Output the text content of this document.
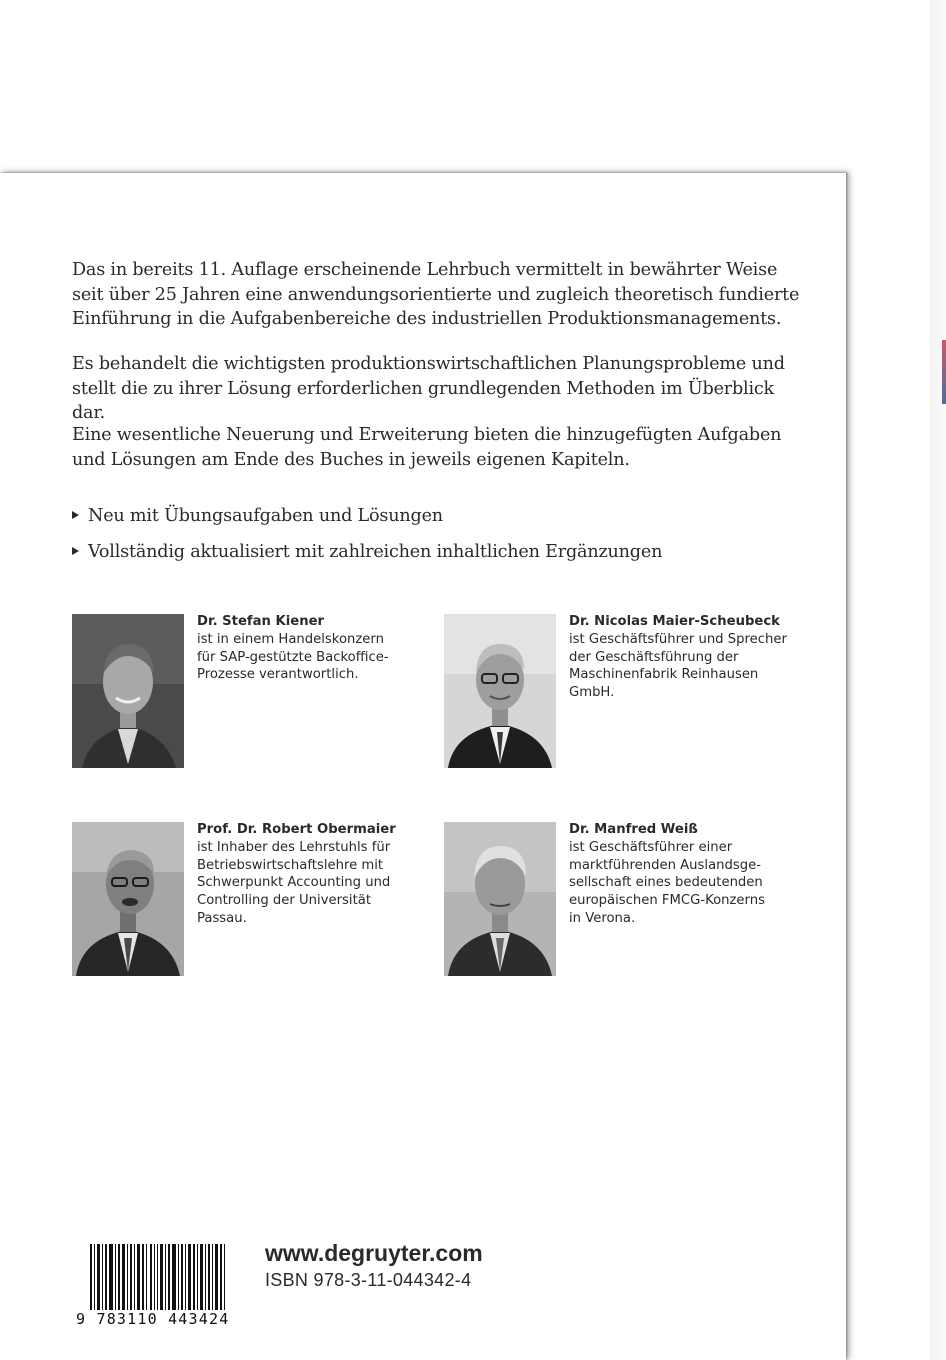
Das in bereits 11. Auflage erscheinende Lehrbuch vermittelt in bewährter Weise seit über 25 Jahren eine anwendungsorientierte und zugleich theoretisch fundierte Einführung in die Aufgabenbereiche des industriellen Produktionsmanagements.

Es behandelt die wichtigsten produktionswirtschaftlichen Planungsprobleme und stellt die zu ihrer Lösung erforderlichen grundlegenden Methoden im Überblick dar.

Eine wesentliche Neuerung und Erweiterung bieten die hinzugefügten Aufgaben und Lösungen am Ende des Buches in jeweils eigenen Kapiteln.

Neu mit Übungsaufgaben und Lösungen
Vollständig aktualisiert mit zahlreichen inhaltlichen Ergänzungen
Dr. Stefan Kiener
ist in einem Handelskonzern
für SAP-gestützte Backoffice-
Prozesse verantwortlich.
Dr. Nicolas Maier-Scheubeck
ist Geschäftsführer und Sprecher
der Geschäftsführung der
Maschinenfabrik Reinhausen
GmbH.
Prof. Dr. Robert Obermaier
ist Inhaber des Lehrstuhls für
Betriebswirtschaftslehre mit
Schwerpunkt Accounting und
Controlling der Universität
Passau.
Dr. Manfred Weiß
ist Geschäftsführer einer
marktführenden Auslandsge-
sellschaft eines bedeutenden
europäischen FMCG-Konzerns
in Verona.
9 783110 443424
www.degruyter.com
ISBN 978-3-11-044342-4
